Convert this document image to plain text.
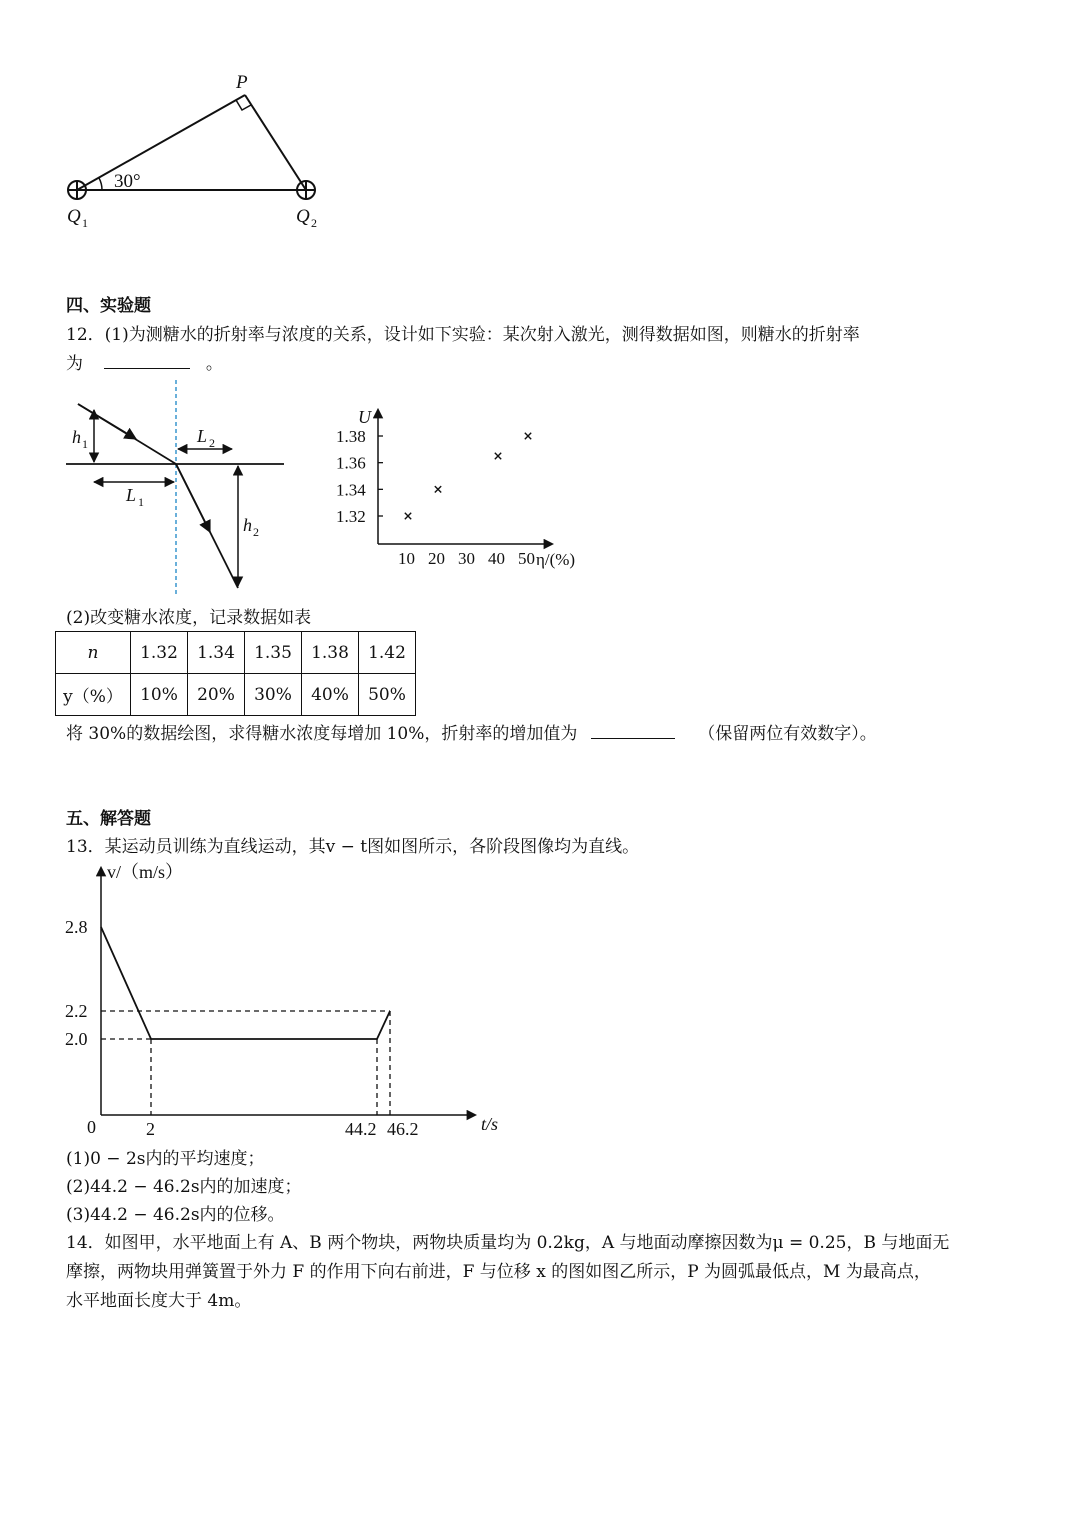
P
30°
Q 1	Q 2
四、实验题
12．(1)为测糖水的折射率与浓度的关系，设计如下实验：某次射入激光，测得数据如图，则糖水的折射率
为	。
h 1
L 1
L 2
h 2
U
η/(%)
10 20 30 40 50
1.32
1.34
1.36
1.38
(2)改变糖水浓度，记录数据如表
n	1.32	1.34	1.35	1.38	1.42
y（%）	10%	20%	30%	40%	50%
将 30%的数据绘图，求得糖水浓度每增加 10%，折射率的增加值为	（保留两位有效数字）。
五、解答题
13．某运动员训练为直线运动，其v − t图如图所示，各阶段图像均为直线。
v/（m/s）
t/s
0
2.8
2.2
2.0
2	44.2 46.2
(1)0 − 2s内的平均速度；
(2)44.2 − 46.2s内的加速度；
(3)44.2 − 46.2s内的位移。
14．如图甲，水平地面上有 A、B 两个物块，两物块质量均为 0.2kg，A 与地面动摩擦因数为μ = 0.25，B 与地面无
摩擦，两物块用弹簧置于外力 F 的作用下向右前进，F 与位移 x 的图如图乙所示，P 为圆弧最低点，M 为最高点，
水平地面长度大于 4m。
